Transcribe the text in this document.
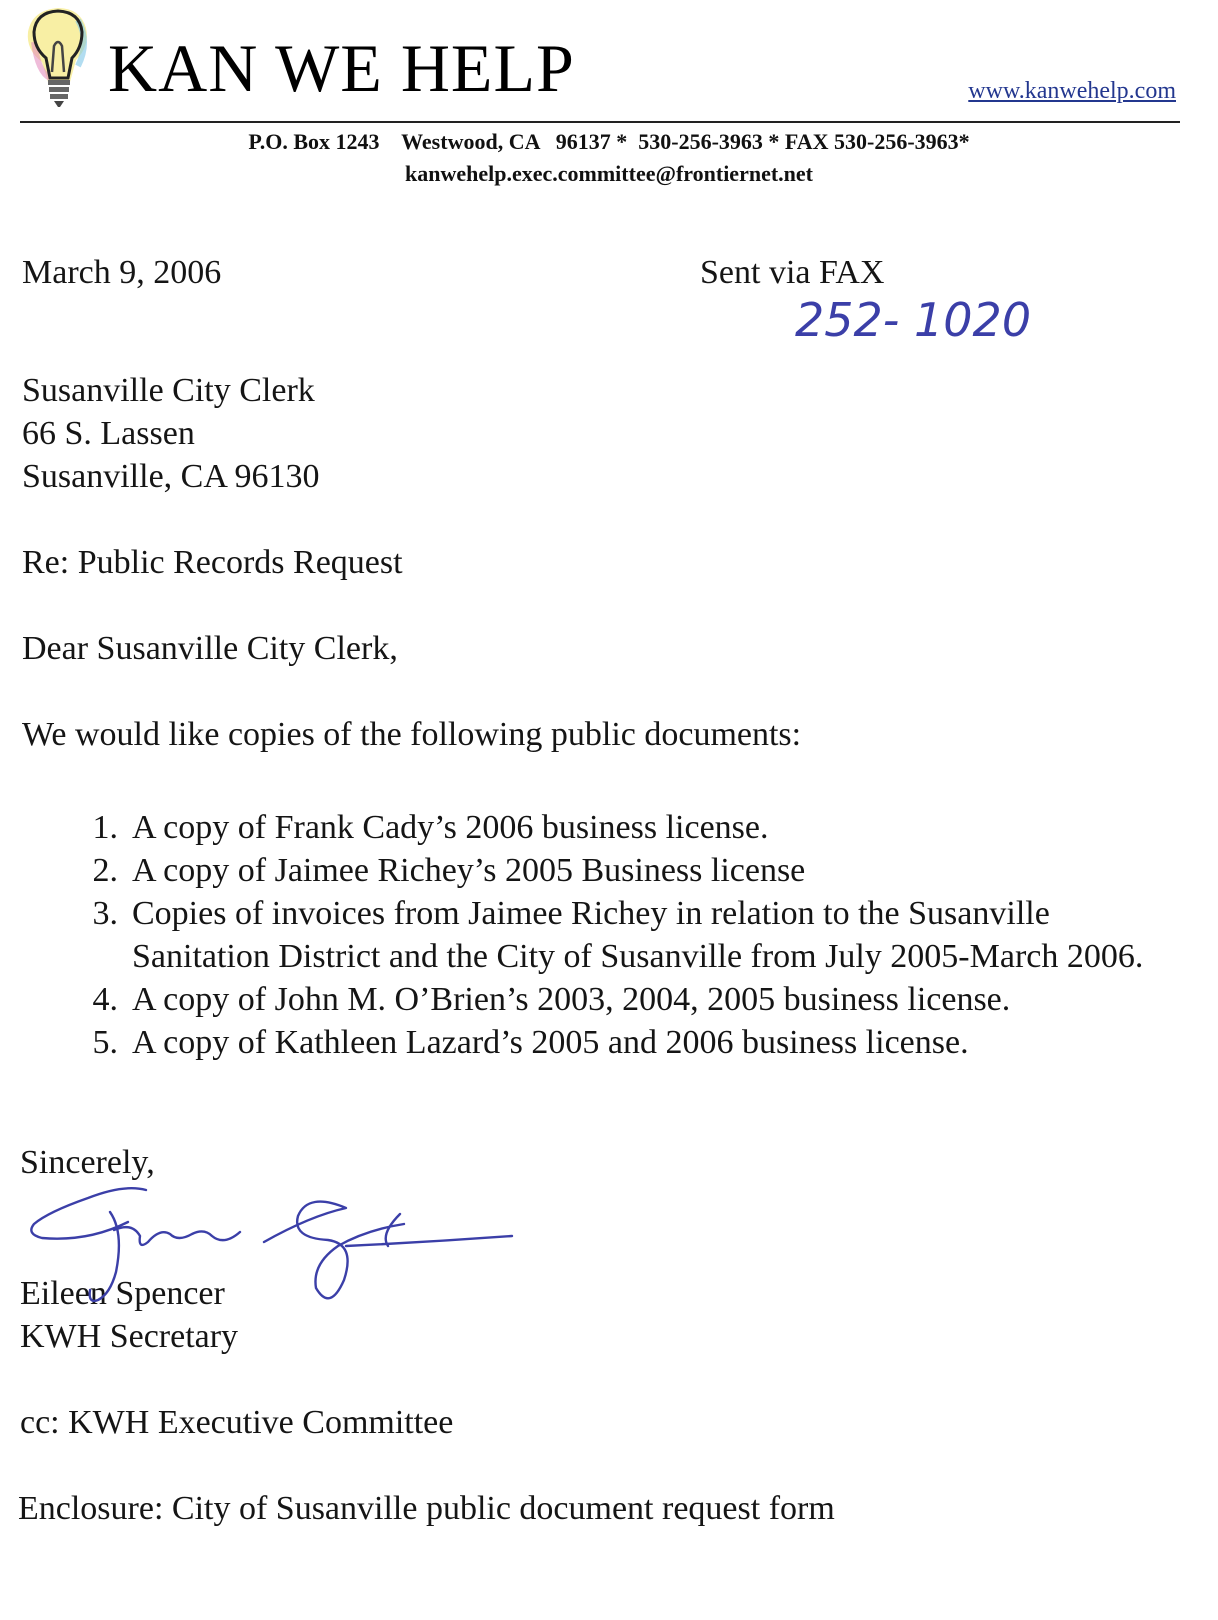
KAN WE HELP	www.kanwehelp.com
P.O. Box 1243    Westwood, CA   96137 *  530-256-3963 * FAX 530-256-3963*
kanwehelp.exec.committee@frontiernet.net
March 9, 2006	Sent via FAX
252- 1020
Susanville City Clerk
66 S. Lassen
Susanville, CA 96130
Re: Public Records Request
Dear Susanville City Clerk,
We would like copies of the following public documents:
1. A copy of Frank Cady’s 2006 business license.
2. A copy of Jaimee Richey’s 2005 Business license
3. Copies of invoices from Jaimee Richey in relation to the Susanville Sanitation District and the City of Susanville from July 2005-March 2006.
4. A copy of John M. O’Brien’s 2003, 2004, 2005 business license.
5. A copy of Kathleen Lazard’s 2005 and 2006 business license.
Sincerely,
Eileen Spencer
KWH Secretary
cc: KWH Executive Committee
Enclosure: City of Susanville public document request form
